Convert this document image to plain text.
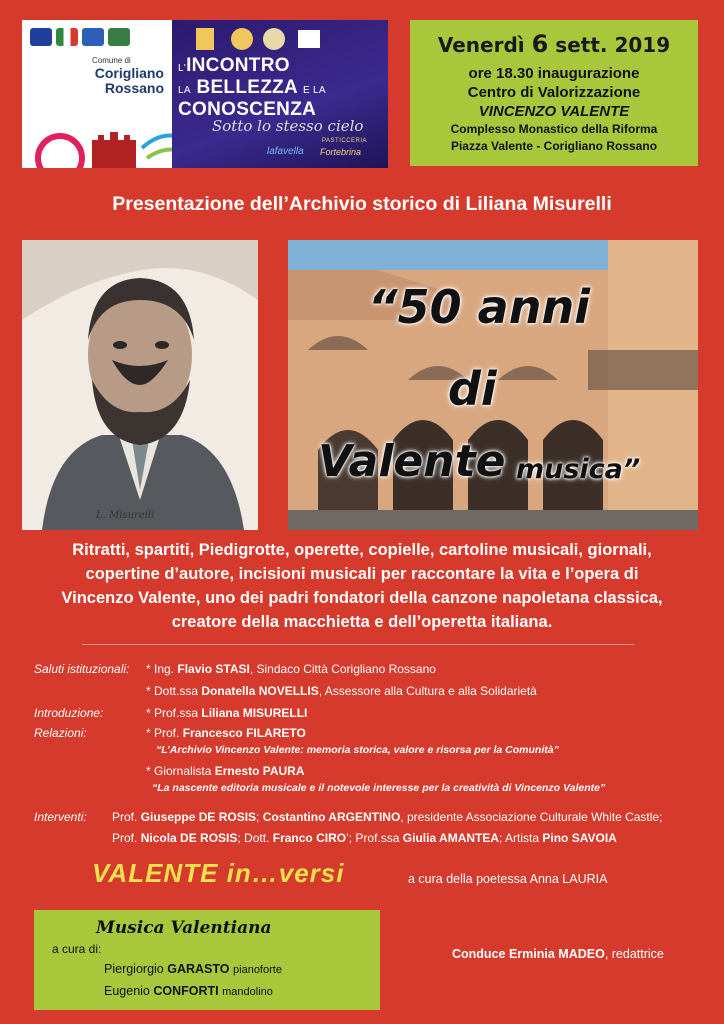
Comune di
Corigliano
Rossano
L'INCONTRO
LA BELLEZZA E LA
CONOSCENZA
Sotto lo stesso cielo
lafavella
PASTICCERIA
Fortebrina
Venerdì 6 sett. 2019
ore 18.30 inaugurazione
Centro di Valorizzazione
VINCENZO VALENTE
Complesso Monastico della Riforma
Piazza Valente - Corigliano Rossano
Presentazione dell’Archivio storico di Liliana Misurelli
L. Misurelli
“50 anni
di
Valente musica”
Ritratti, spartiti, Piedigrotte, operette, copielle, cartoline musicali, giornali,
copertine d’autore, incisioni musicali per raccontare la vita e l’opera di
Vincenzo Valente, uno dei padri fondatori della canzone napoletana classica,
creatore della macchietta e dell’operetta italiana.
Saluti istituzionali: * Ing. Flavio STASI, Sindaco Città Corigliano Rossano
* Dott.ssa Donatella NOVELLIS, Assessore alla Cultura e alla Solidarietà
Introduzione:	* Prof.ssa Liliana MISURELLI
Relazioni:	* Prof. Francesco FILARETO
“L’Archivio Vincenzo Valente: memoria storica, valore e risorsa per la Comunità”
* Giornalista Ernesto PAURA
“La nascente editoria musicale e il notevole interesse per la creatività di Vincenzo Valente”
Interventi: Prof. Giuseppe DE ROSIS; Costantino ARGENTINO, presidente Associazione Culturale White Castle;
Prof. Nicola DE ROSIS; Dott. Franco CIRO’; Prof.ssa Giulia AMANTEA; Artista Pino SAVOIA
VALENTE in…versi	a cura della poetessa Anna LAURIA
Musica Valentiana
a cura di:
Piergiorgio GARASTO pianoforte
Eugenio CONFORTI mandolino
Conduce Erminia MADEO, redattrice
